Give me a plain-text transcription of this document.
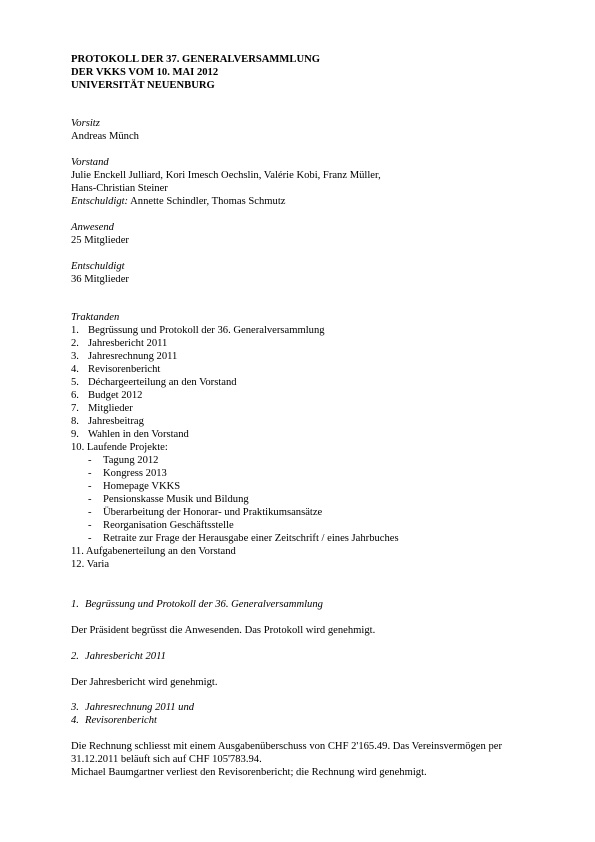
PROTOKOLL DER 37. GENERALVERSAMMLUNG
DER VKKS VOM 10. MAI 2012
UNIVERSITÄT NEUENBURG
Vorsitz
Andreas Münch
Vorstand
Julie Enckell Julliard, Kori Imesch Oechslin, Valérie Kobi, Franz Müller,
Hans-Christian Steiner
Entschuldigt: Annette Schindler, Thomas Schmutz
Anwesend
25 Mitglieder
Entschuldigt
36 Mitglieder
Traktanden
1. Begrüssung und Protokoll der 36. Generalversammlung
2. Jahresbericht 2011
3. Jahresrechnung 2011
4. Revisorenbericht
5. Déchargeerteilung an den Vorstand
6. Budget 2012
7. Mitglieder
8. Jahresbeitrag
9. Wahlen in den Vorstand
10. Laufende Projekte:
- Tagung 2012
- Kongress 2013
- Homepage VKKS
- Pensionskasse Musik und Bildung
- Überarbeitung der Honorar- und Praktikumsansätze
- Reorganisation Geschäftsstelle
- Retraite zur Frage der Herausgabe einer Zeitschrift / eines Jahrbuches
11. Aufgabenerteilung an den Vorstand
12. Varia
1. Begrüssung und Protokoll der 36. Generalversammlung
Der Präsident begrüsst die Anwesenden. Das Protokoll wird genehmigt.
2. Jahresbericht 2011
Der Jahresbericht wird genehmigt.
3. Jahresrechnung 2011 und
4. Revisorenbericht
Die Rechnung schliesst mit einem Ausgabenüberschuss von CHF 2'165.49. Das Vereinsvermögen per
31.12.2011 beläuft sich auf CHF 105'783.94.
Michael Baumgartner verliest den Revisorenbericht; die Rechnung wird genehmigt.
